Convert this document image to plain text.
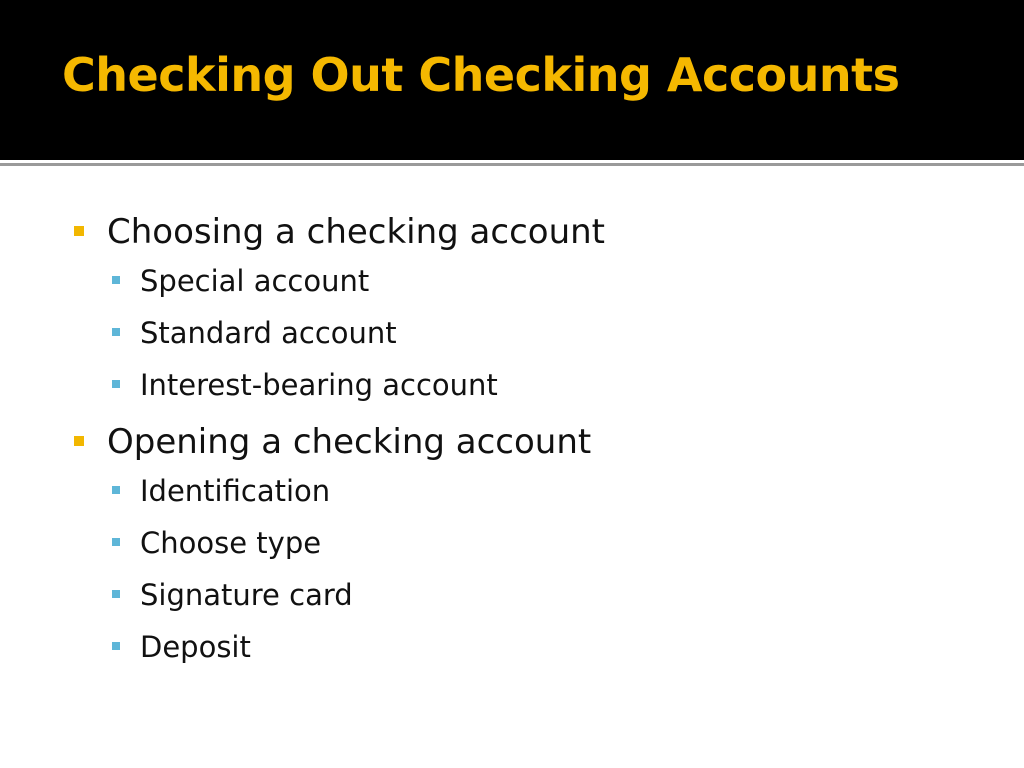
Checking Out Checking Accounts
Choosing a checking account
Special account
Standard account
Interest-bearing account
Opening a checking account
Identification
Choose type
Signature card
Deposit
